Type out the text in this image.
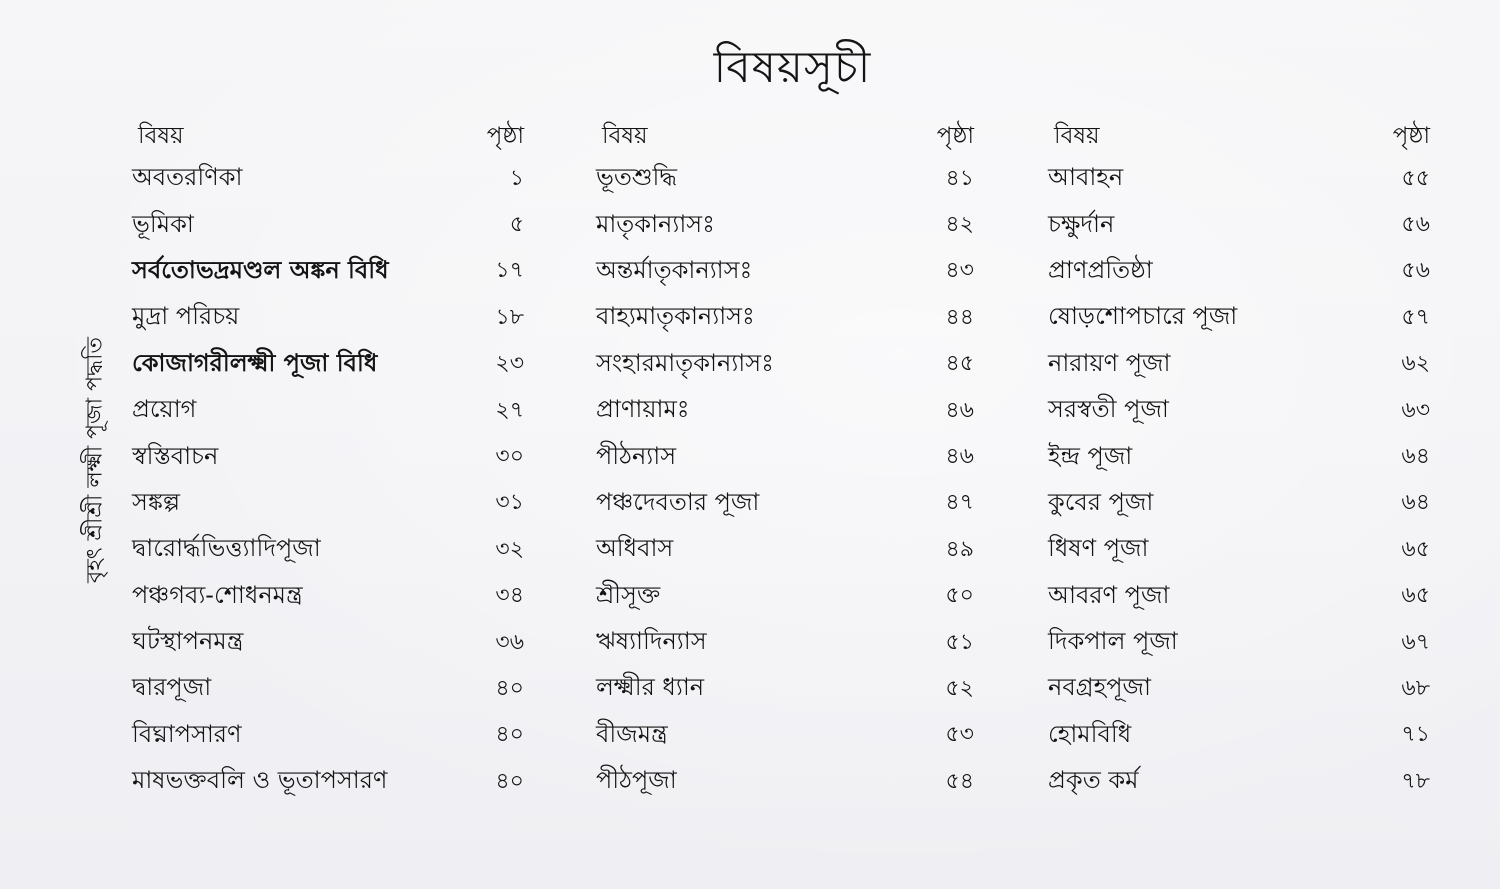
বিষয়সূচী
বৃহৎ শ্রীশ্রী লক্ষ্মী পূজা পদ্ধতি
বিষয়	পৃষ্ঠা
অবতরণিকা	১
ভূমিকা	৫
সর্বতোভদ্রমণ্ডল অঙ্কন বিধি	১৭
মুদ্রা পরিচয়	১৮
কোজাগরীলক্ষ্মী পূজা বিধি	২৩
প্রয়োগ	২৭
স্বস্তিবাচন	৩০
সঙ্কল্প	৩১
দ্বারোর্দ্ধভিত্ত্যাদিপূজা	৩২
পঞ্চগব্য-শোধনমন্ত্র	৩৪
ঘটস্থাপনমন্ত্র	৩৬
দ্বারপূজা	৪০
বিঘ্নাপসারণ	৪০
মাষভক্তবলি ও ভূতাপসারণ	৪০
বিষয়	পৃষ্ঠা
ভূতশুদ্ধি	৪১
মাতৃকান্যাসঃ	৪২
অন্তর্মাতৃকান্যাসঃ	৪৩
বাহ্যমাতৃকান্যাসঃ	৪৪
সংহারমাতৃকান্যাসঃ	৪৫
প্রাণায়ামঃ	৪৬
পীঠন্যাস	৪৬
পঞ্চদেবতার পূজা	৪৭
অধিবাস	৪৯
শ্রীসূক্ত	৫০
ঋষ্যাদিন্যাস	৫১
লক্ষ্মীর ধ্যান	৫২
বীজমন্ত্র	৫৩
পীঠপূজা	৫৪
বিষয়	পৃষ্ঠা
আবাহন	৫৫
চক্ষুর্দান	৫৬
প্রাণপ্রতিষ্ঠা	৫৬
ষোড়শোপচারে পূজা	৫৭
নারায়ণ পূজা	৬২
সরস্বতী পূজা	৬৩
ইন্দ্র পূজা	৬৪
কুবের পূজা	৬৪
ধিষণ পূজা	৬৫
আবরণ পূজা	৬৫
দিকপাল পূজা	৬৭
নবগ্রহপূজা	৬৮
হোমবিধি	৭১
প্রকৃত কর্ম	৭৮
